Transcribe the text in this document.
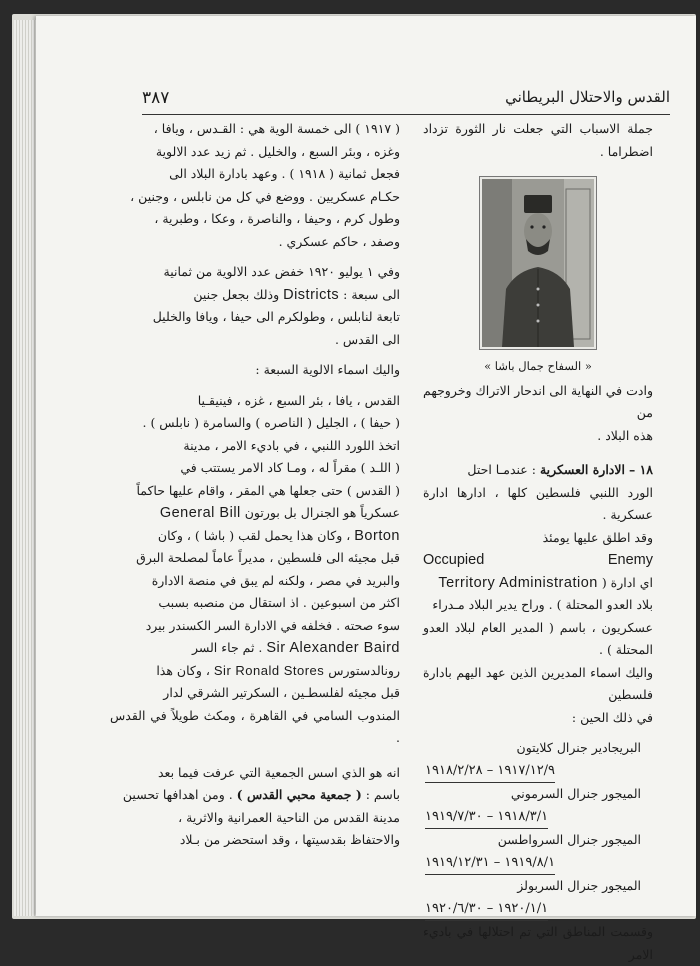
٣٨٧	القدس والاحتلال البريطاني

جملة الاسباب التي جعلت نار الثورة تزداد اضطراما .

« السفاح جمال باشا »

وادت في النهاية الى اندحار الاتراك وخروجهم من

هذه البلاد .

١٨ – الادارة العسكرية : عندمـا احتل

الورد اللنبي فلسطين كلها ، ادارها ادارة عسكرية .

وقد اطلق عليها يومئذ

Occupied Enemy

اي ادارة ( Territory Administration

بلاد العدو المحتلة ) . وراح يدير البلاد مـدراء

عسكريون ، باسم ( المدير العام لبلاد العدو المحتلة ) .

واليك اسماء المديرين الذين عهد اليهم بادارة فلسطين

في ذلك الحين :

البريجادير جنرال كلايتون

١٩١٧/١٢/٩ – ١٩١٨/٢/٢٨

الميجور جنرال السرموني

١٩١٨/٣/١ – ١٩١٩/٧/٣٠

الميجور جنرال السرواطسن

١٩١٩/٨/١ – ١٩١٩/١٢/٣١

الميجور جنرال السربولز

١٩٢٠/١/١ – ١٩٢٠/٦/٣٠

وقسمت المناطق التي تم احتلالها في باديء الامر

( ١٩١٧ ) الى خمسة الوية هي : القـدس ، ويافا ،

وغزه ، وبئر السبع ، والخليل . ثم زيد عدد الالوية

فجعل ثمانية ( ١٩١٨ ) . وعهد بادارة البلاد الى

حكـام عسكريين . ووضع في كل من نابلس ، وجنين ،

وطول كرم ، وحيفا ، والناصرة ، وعكا ، وطبرية ،

وصفد ، حاكم عسكري .

وفي ١ يوليو ١٩٢٠ خفض عدد الالوية من ثمانية

الى سبعة : Districts وذلك بجعل جنين

تابعة لنابلس ، وطولكرم الى حيفا ، ويافا والخليل

الى القدس .

واليك اسماء الالوية السبعة :

القدس ، يافا ، بئر السبع ، غزه ، فينيقـيا

( حيفا ) ، الجليل ( الناصره ) والسامرة ( نابلس ) .

اتخذ اللورد اللنبي ، في باديء الامر ، مدينة

( اللـد ) مقراً له ، ومـا كاد الامر يستتب في

( القدس ) حتى جعلها هي المقر ، واقام عليها حاكماً

عسكرياً هو الجنرال بل بورتون General Bill

Borton ، وكان هذا يحمل لقب ( باشا ) ، وكان

قبل مجيئه الى فلسطين ، مديراً عاماً لمصلحة البرق

والبريد في مصر ، ولكنه لم يبق في منصة الادارة

اكثر من اسبوعين . اذ استقال من منصبه بسبب

سوء صحته . فخلفه في الادارة السر الكسندر بيرد

Sir Alexander Baird . ثم جاء السر

رونالدستورس Sir Ronald Stores ، وكان هذا

قبل مجيئه لفلسطـين ، السكرتير الشرقي لدار

المندوب السامي في القاهرة ، ومكث طويلاً في القدس .

انه هو الذي اسس الجمعية التي عرفت فيما بعد

باسم : ( جمعية محبي القدس ) . ومن اهدافها تحسين

مدينة القدس من الناحية العمرانية والاثرية ،

والاحتفاظ بقدسيتها ، وقد استحضر من بـلاد
